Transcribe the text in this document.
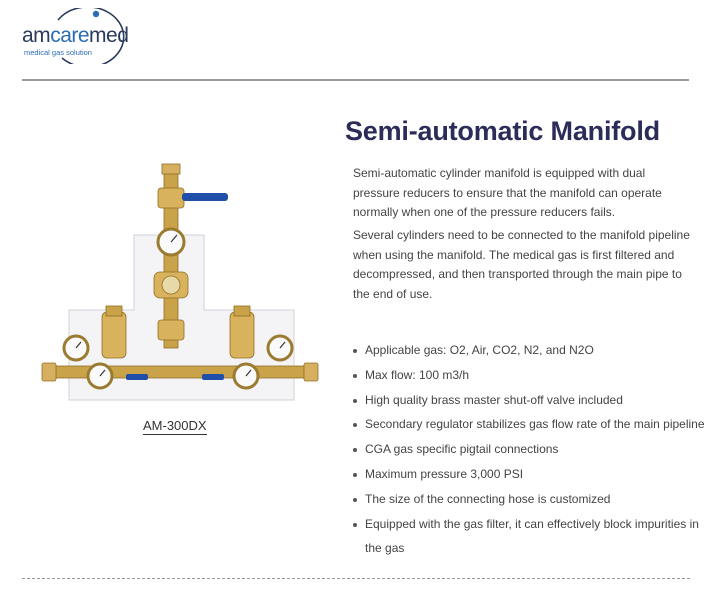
amcaremed
medical gas solution
Semi-automatic Manifold

Semi-automatic cylinder manifold is equipped with dual pressure reducers to ensure that the manifold can operate normally when one of the pressure reducers fails.

Several cylinders need to be connected to the manifold pipeline when using the manifold. The medical gas is first filtered and decompressed, and then transported through the main pipe to the end of use.

Applicable gas: O2, Air, CO2, N2, and N2O
Max flow: 100 m3/h
High quality brass master shut-off valve included
Secondary regulator stabilizes gas flow rate of the main pipeline
CGA gas specific pigtail connections
Maximum pressure 3,000 PSI
The size of the connecting hose is customized
Equipped with the gas filter, it can effectively block impurities in the gas
AM-300DX
